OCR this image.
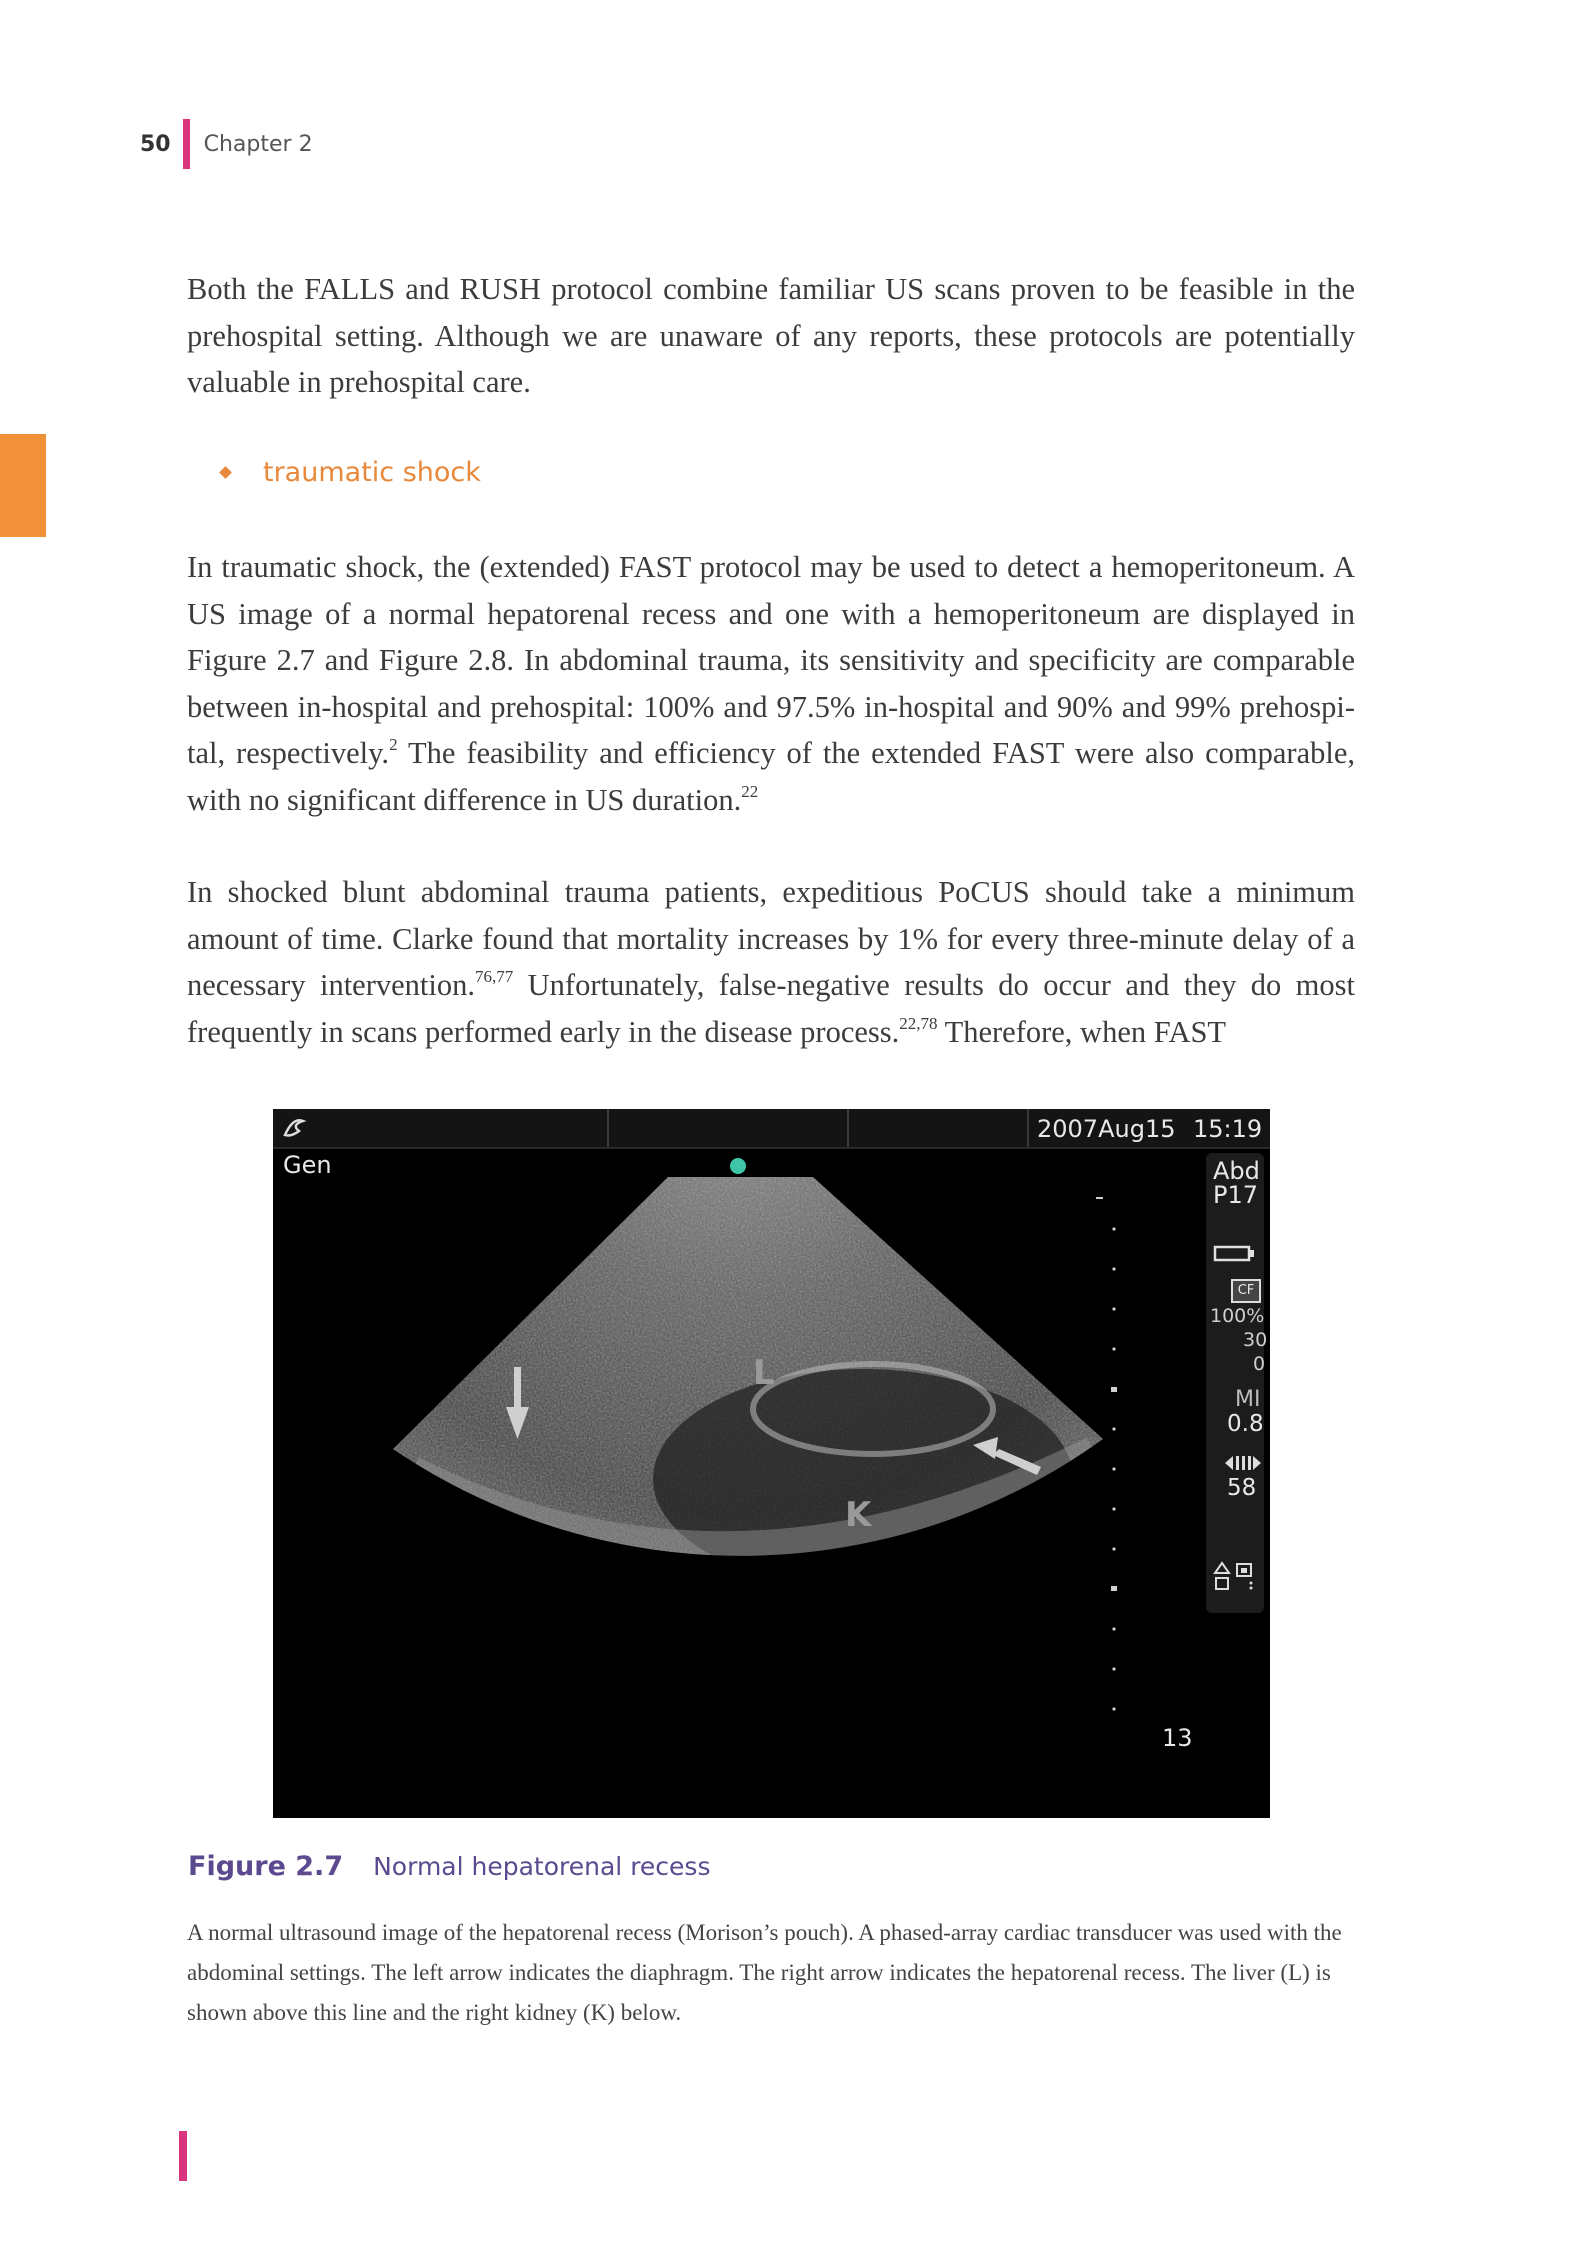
50 Chapter 2

Both the FALLS and RUSH protocol combine familiar US scans proven to be feasible in the prehospital setting. Although we are unaware of any reports, these protocols are potentially valuable in prehospital care.

traumatic shock

In traumatic shock, the (extended) FAST protocol may be used to detect a hemoperitoneum. A US image of a normal hepatorenal recess and one with a hemoperitoneum are displayed in Figure 2.7 and Figure 2.8. In abdominal trauma, its sensitivity and specificity are comparable between in-hospital and prehospital: 100% and 97.5% in-hospital and 90% and 99% prehospital, respectively.$^2$ The feasibility and efficiency of the extended FAST were also comparable, with no significant difference in US duration.$^{22}$

In shocked blunt abdominal trauma patients, expeditious PoCUS should take a minimum amount of time. Clarke found that mortality increases by 1% for every three-minute delay of a necessary intervention.$^{76,77}$ Unfortunately, false-negative results do occur and they do most frequently in scans performed early in the disease process.$^{22,78}$ Therefore, when FAST

2007Aug15 15:19
Gen	Abd
P17
CF
100%
30
0
MI
0.8
58
13
L
K
Figure 2.7 Normal hepatorenal recess

A normal ultrasound image of the hepatorenal recess (Morison’s pouch). A phased-array cardiac transducer was used with the abdominal settings. The left arrow indicates the diaphragm. The right arrow indicates the hepatorenal recess. The liver (L) is shown above this line and the right kidney (K) below.
